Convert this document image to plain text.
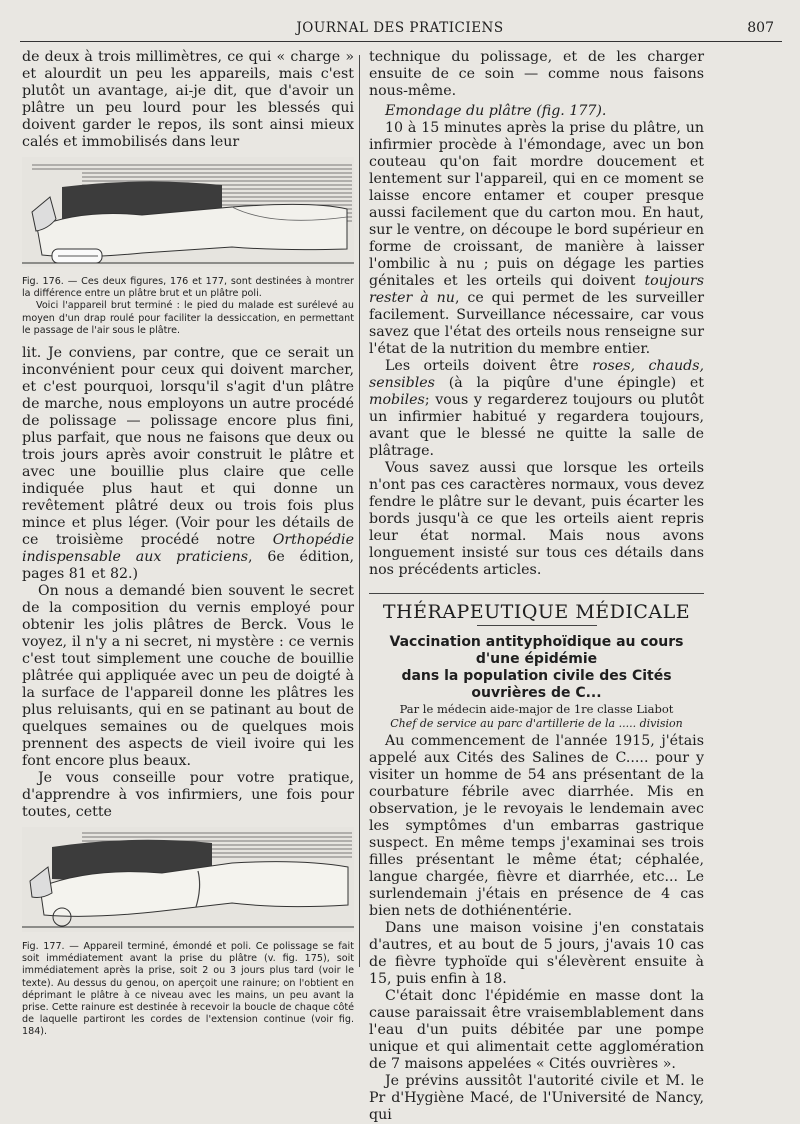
JOURNAL DES PRATICIENS	807

de deux à trois millimètres, ce qui « charge » et alourdit un peu les appareils, mais c'est plutôt un avantage, ai-je dit, que d'avoir un plâtre un peu lourd pour les blessés qui doivent garder le repos, ils sont ainsi mieux calés et immobilisés dans leur

Fig. 176. — Ces deux figures, 176 et 177, sont destinées à montrer la différence entre un plâtre brut et un plâtre poli.
Voici l'appareil brut terminé : le pied du malade est surélevé au moyen d'un drap roulé pour faciliter la dessiccation, en permettant le passage de l'air sous le plâtre.

lit. Je conviens, par contre, que ce serait un inconvénient pour ceux qui doivent marcher, et c'est pourquoi, lorsqu'il s'agit d'un plâtre de marche, nous employons un autre procédé de polissage — polissage encore plus fini, plus parfait, que nous ne faisons que deux ou trois jours après avoir construit le plâtre et avec une bouillie plus claire que celle indiquée plus haut et qui donne un revêtement plâtré deux ou trois fois plus mince et plus léger. (Voir pour les détails de ce troisième procédé notre Orthopédie indispensable aux praticiens, 6e édition, pages 81 et 82.)

On nous a demandé bien souvent le secret de la composition du vernis employé pour obtenir les jolis plâtres de Berck. Vous le voyez, il n'y a ni secret, ni mystère : ce vernis c'est tout simplement une couche de bouillie plâtrée qui appliquée avec un peu de doigté à la surface de l'appareil donne les plâtres les plus reluisants, qui en se patinant au bout de quelques semaines ou de quelques mois prennent des aspects de vieil ivoire qui les font encore plus beaux.

Je vous conseille pour votre pratique, d'apprendre à vos infirmiers, une fois pour toutes, cette

Fig. 177. — Appareil terminé, émondé et poli. Ce polissage se fait soit immédiatement avant la prise du plâtre (v. fig. 175), soit immédiatement après la prise, soit 2 ou 3 jours plus tard (voir le texte). Au dessus du genou, on aperçoit une rainure; on l'obtient en déprimant le plâtre à ce niveau avec les mains, un peu avant la prise. Cette rainure est destinée à recevoir la boucle de chaque côté de laquelle partiront les cordes de l'extension continue (voir fig. 184).

technique du polissage, et de les charger ensuite de ce soin — comme nous faisons nous-même.

Emondage du plâtre (fig. 177).

10 à 15 minutes après la prise du plâtre, un infirmier procède à l'émondage, avec un bon couteau qu'on fait mordre doucement et lentement sur l'appareil, qui en ce moment se laisse encore entamer et couper presque aussi facilement que du carton mou. En haut, sur le ventre, on découpe le bord supérieur en forme de croissant, de manière à laisser l'ombilic à nu ; puis on dégage les parties génitales et les orteils qui doivent toujours rester à nu, ce qui permet de les surveiller facilement. Surveillance nécessaire, car vous savez que l'état des orteils nous renseigne sur l'état de la nutrition du membre entier.

Les orteils doivent être roses, chauds, sensibles (à la piqûre d'une épingle) et mobiles; vous y regarderez toujours ou plutôt un infirmier habitué y regardera toujours, avant que le blessé ne quitte la salle de plâtrage.

Vous savez aussi que lorsque les orteils n'ont pas ces caractères normaux, vous devez fendre le plâtre sur le devant, puis écarter les bords jusqu'à ce que les orteils aient repris leur état normal. Mais nous avons longuement insisté sur tous ces détails dans nos précédents articles.

THÉRAPEUTIQUE MÉDICALE
Vaccination antityphoïdique au cours
d'une épidémie
dans la population civile des Cités ouvrières de C...
Par le médecin aide-major de 1re classe Liabot
Chef de service au parc d'artillerie de la ..... division

Au commencement de l'année 1915, j'étais appelé aux Cités des Salines de C..... pour y visiter un homme de 54 ans présentant de la courbature fébrile avec diarrhée. Mis en observation, je le revoyais le lendemain avec les symptômes d'un embarras gastrique suspect. En même temps j'examinai ses trois filles présentant le même état; céphalée, langue chargée, fièvre et diarrhée, etc... Le surlendemain j'étais en présence de 4 cas bien nets de dothiénentérie.

Dans une maison voisine j'en constatais d'autres, et au bout de 5 jours, j'avais 10 cas de fièvre typhoïde qui s'élevèrent ensuite à 15, puis enfin à 18.

C'était donc l'épidémie en masse dont la cause paraissait être vraisemblablement dans l'eau d'un puits débitée par une pompe unique et qui alimentait cette agglomération de 7 maisons appelées « Cités ouvrières ».

Je prévins aussitôt l'autorité civile et M. le Pr d'Hygiène Macé, de l'Université de Nancy, qui
